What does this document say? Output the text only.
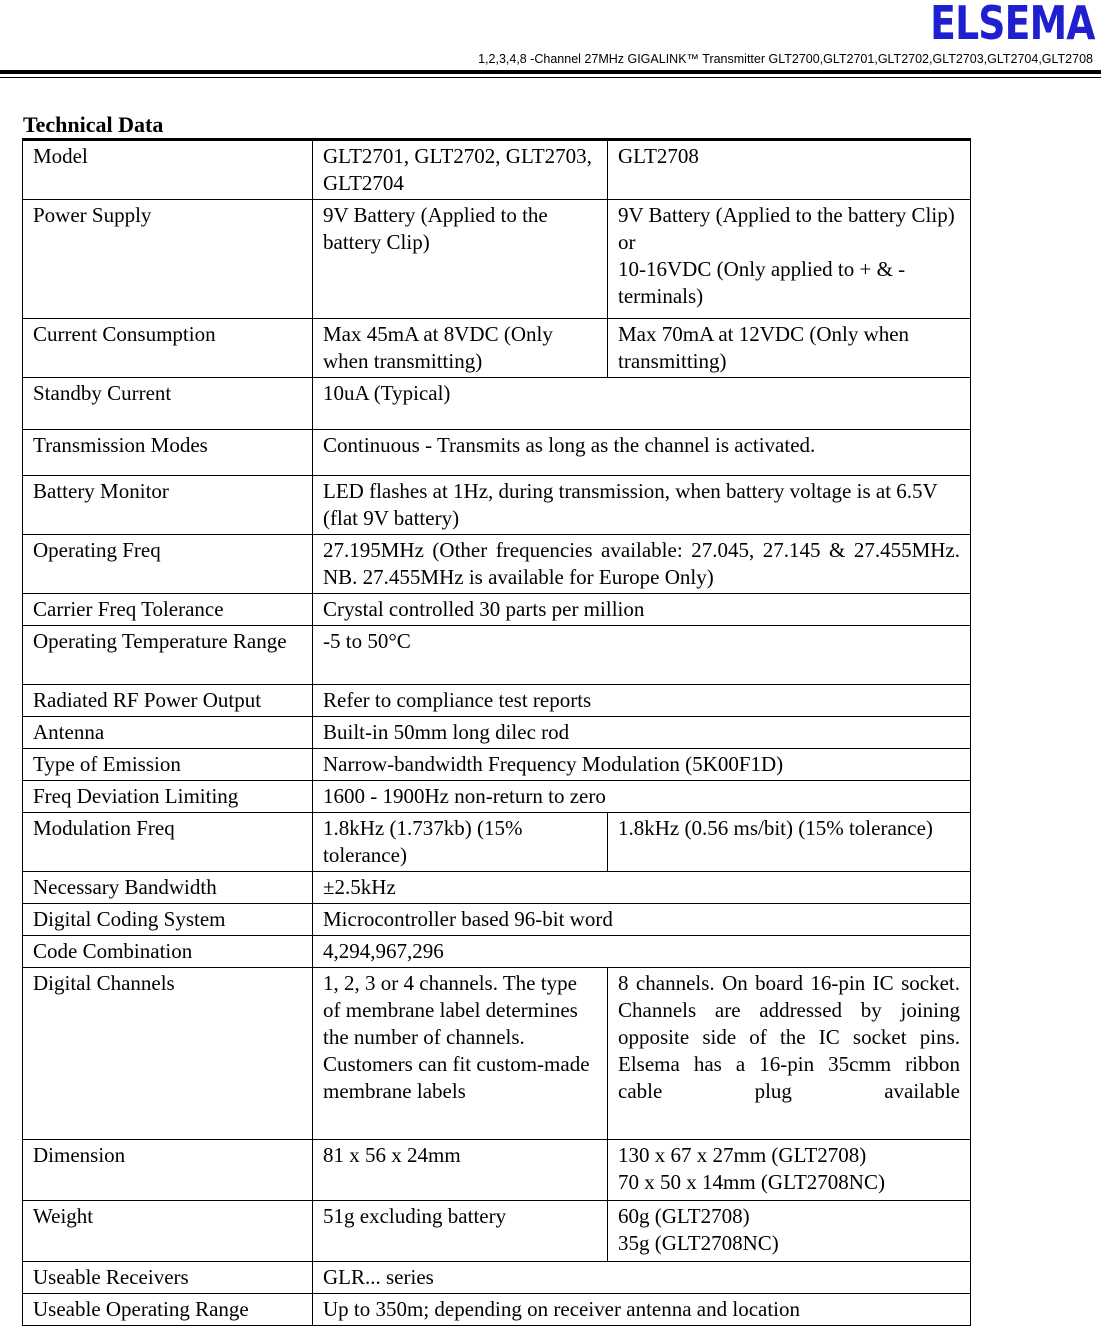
ELSEMA
1,2,3,4,8 -Channel 27MHz GIGALINK™ Transmitter GLT2700,GLT2701,GLT2702,GLT2703,GLT2704,GLT2708
Technical Data
Model	GLT2701, GLT2702, GLT2703, GLT2704	GLT2708
Power Supply	9V Battery (Applied to the battery Clip)	9V Battery (Applied to the battery Clip) or
10-16VDC (Only applied to + & - terminals)

Current Consumption	Max 45mA at 8VDC (Only when transmitting)	Max 70mA at 12VDC (Only when transmitting)
Standby Current	10uA (Typical)	
Transmission Modes	Continuous - Transmits as long as the channel is activated.	
Battery Monitor	LED flashes at 1Hz, during transmission, when battery voltage is at 6.5V (flat 9V battery)	
Operating Freq	27.195MHz (Other frequencies available: 27.045, 27.145 & 27.455MHz. NB. 27.455MHz is available for Europe Only)	
Carrier Freq Tolerance	Crystal controlled 30 parts per million	
Operating Temperature Range	-5 to 50°C	
Radiated RF Power Output	Refer to compliance test reports	
Antenna	Built-in 50mm long dilec rod	
Type of Emission	Narrow-bandwidth Frequency Modulation (5K00F1D)	
Freq Deviation Limiting	1600 - 1900Hz non-return to zero	
Modulation Freq	1.8kHz (1.737kb) (15% tolerance)	1.8kHz (0.56 ms/bit) (15% tolerance)
Necessary Bandwidth	±2.5kHz	
Digital Coding System	Microcontroller based 96-bit word	
Code Combination	4,294,967,296	
Digital Channels	1, 2, 3 or 4 channels. The type of membrane label determines the number of channels. Customers can fit custom-made membrane labels	8 channels. On board 16-pin IC socket. Channels are addressed by joining opposite side of the IC socket pins. Elsema has a 16-pin 35cmm ribbon cable plug available
Dimension	81 x 56 x 24mm	130 x 67 x 27mm (GLT2708)
70 x 50 x 14mm (GLT2708NC)

Weight	51g excluding battery	60g (GLT2708)
35g (GLT2708NC)

Useable Receivers	GLR... series	
Useable Operating Range	Up to 350m; depending on receiver antenna and location	
